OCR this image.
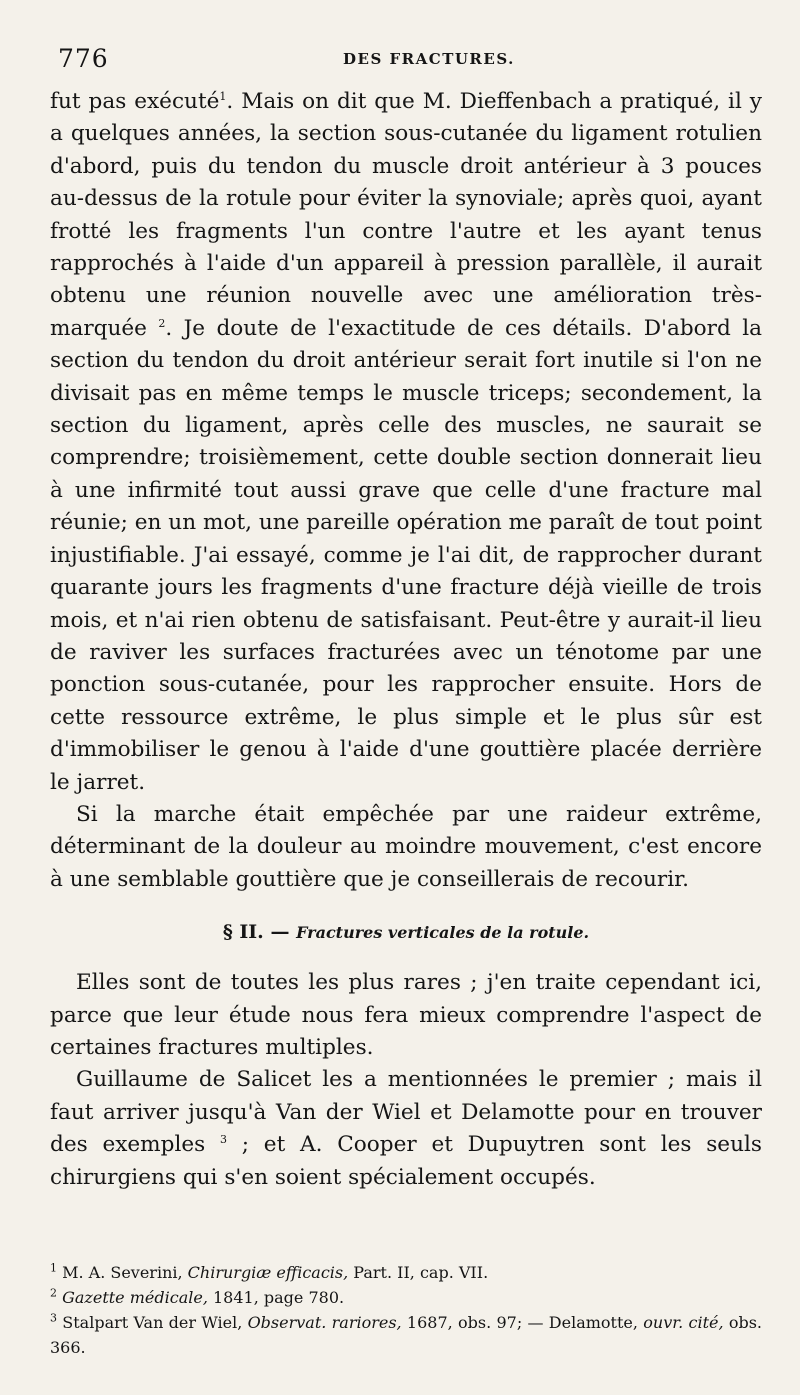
776	DES FRACTURES.

fut pas exécuté$^1$. Mais on dit que M. Dieffenbach a pratiqué, il y a quelques années, la section sous-cutanée du ligament rotulien d'abord, puis du tendon du muscle droit antérieur à 3 pouces au-dessus de la rotule pour éviter la synoviale; après quoi, ayant frotté les fragments l'un contre l'autre et les ayant tenus rapprochés à l'aide d'un appareil à pression parallèle, il aurait obtenu une réunion nouvelle avec une amélioration très-marquée $^2$. Je doute de l'exactitude de ces détails. D'abord la section du tendon du droit antérieur serait fort inutile si l'on ne divisait pas en même temps le muscle triceps; secondement, la section du ligament, après celle des muscles, ne saurait se comprendre; troisièmement, cette double section donnerait lieu à une infirmité tout aussi grave que celle d'une fracture mal réunie; en un mot, une pareille opération me paraît de tout point injustifiable. J'ai essayé, comme je l'ai dit, de rapprocher durant quarante jours les fragments d'une fracture déjà vieille de trois mois, et n'ai rien obtenu de satisfaisant. Peut-être y aurait-il lieu de raviver les surfaces fracturées avec un ténotome par une ponction sous-cutanée, pour les rapprocher ensuite. Hors de cette ressource extrême, le plus simple et le plus sûr est d'immobiliser le genou à l'aide d'une gouttière placée derrière le jarret.

Si la marche était empêchée par une raideur extrême, déterminant de la douleur au moindre mouvement, c'est encore à une semblable gouttière que je conseillerais de recourir.

§ II. — Fractures verticales de la rotule.

Elles sont de toutes les plus rares ; j'en traite cependant ici, parce que leur étude nous fera mieux comprendre l'aspect de certaines fractures multiples.

Guillaume de Salicet les a mentionnées le premier ; mais il faut arriver jusqu'à Van der Wiel et Delamotte pour en trouver des exemples $^3$ ; et A. Cooper et Dupuytren sont les seuls chirurgiens qui s'en soient spécialement occupés.

$^1$ M. A. Severini, Chirurgiæ efficacis, Part. II, cap. VII.

$^2$ Gazette médicale, 1841, page 780.

$^3$ Stalpart Van der Wiel, Observat. rariores, 1687, obs. 97; — Delamotte, ouvr. cité, obs. 366.
